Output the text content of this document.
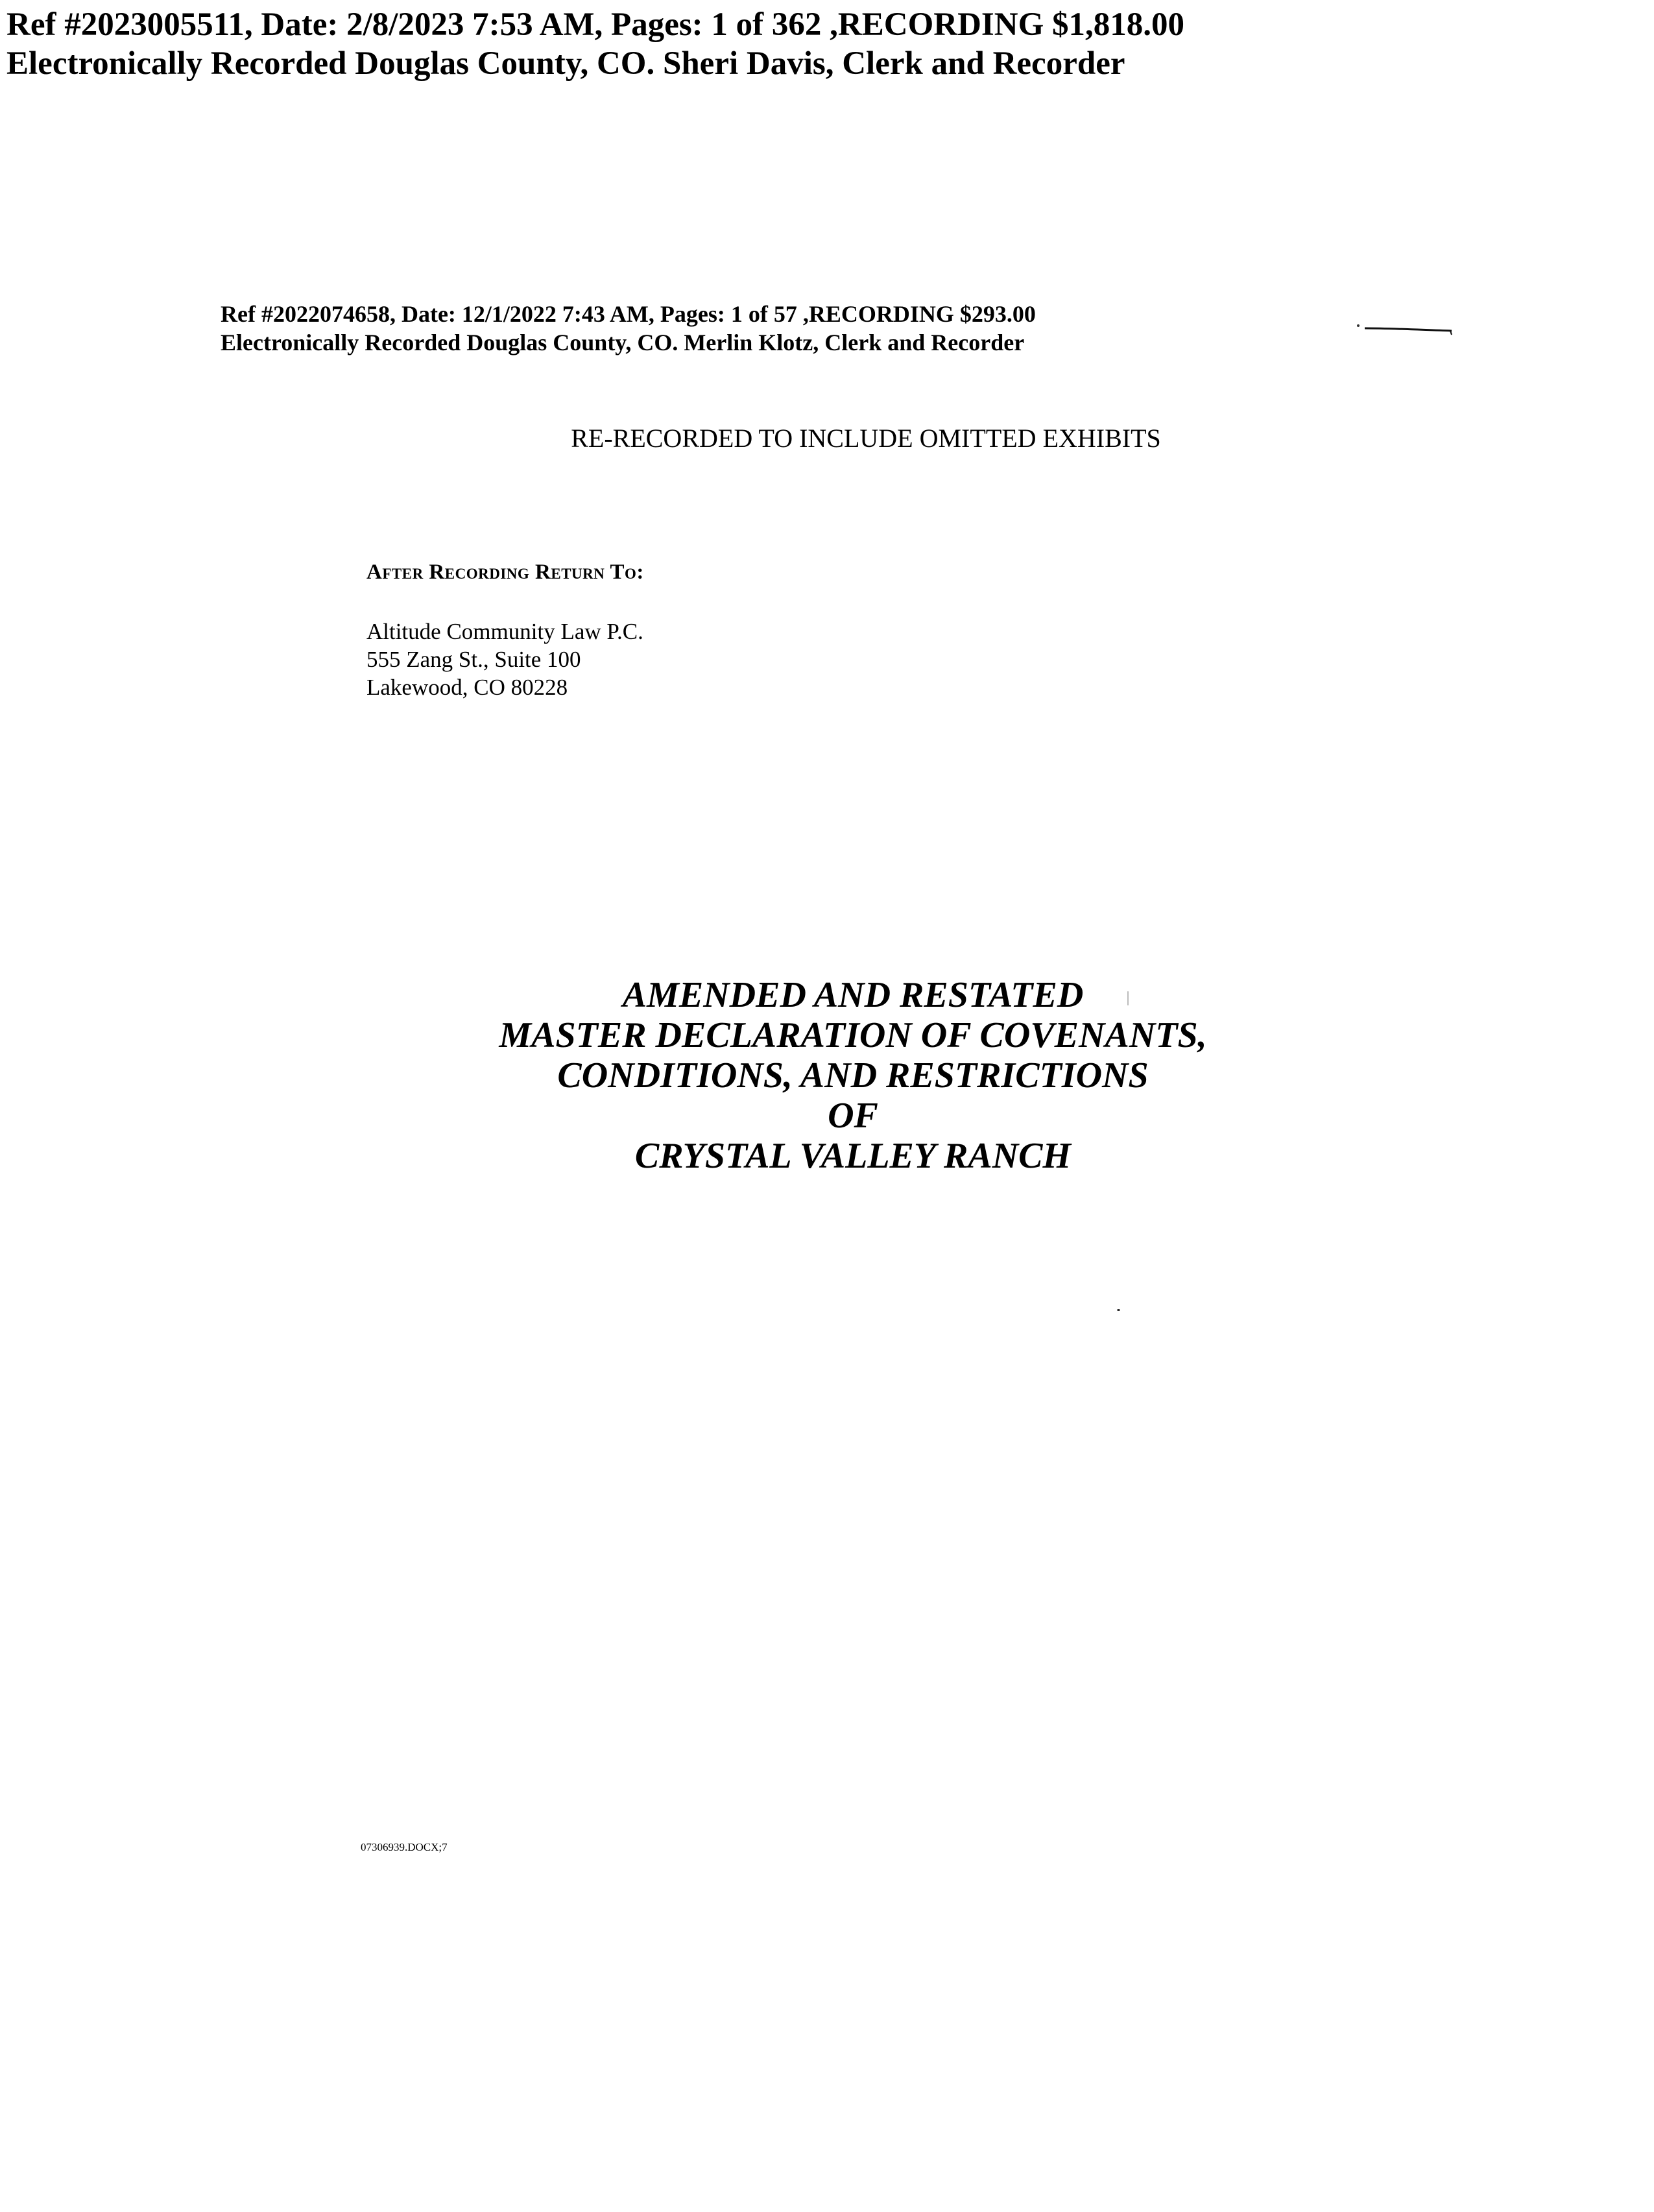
Ref #2023005511, Date: 2/8/2023 7:53 AM, Pages: 1 of 362 ,RECORDING $1,818.00
Electronically Recorded Douglas County, CO. Sheri Davis, Clerk and Recorder
Ref #2022074658, Date: 12/1/2022 7:43 AM, Pages: 1 of 57 ,RECORDING $293.00
Electronically Recorded Douglas County, CO. Merlin Klotz, Clerk and Recorder
RE-RECORDED TO INCLUDE OMITTED EXHIBITS
After Recording Return To:
Altitude Community Law P.C.
555 Zang St., Suite 100
Lakewood, CO 80228
AMENDED AND RESTATED
MASTER DECLARATION OF COVENANTS,
CONDITIONS, AND RESTRICTIONS
OF
CRYSTAL VALLEY RANCH
07306939.DOCX;7
